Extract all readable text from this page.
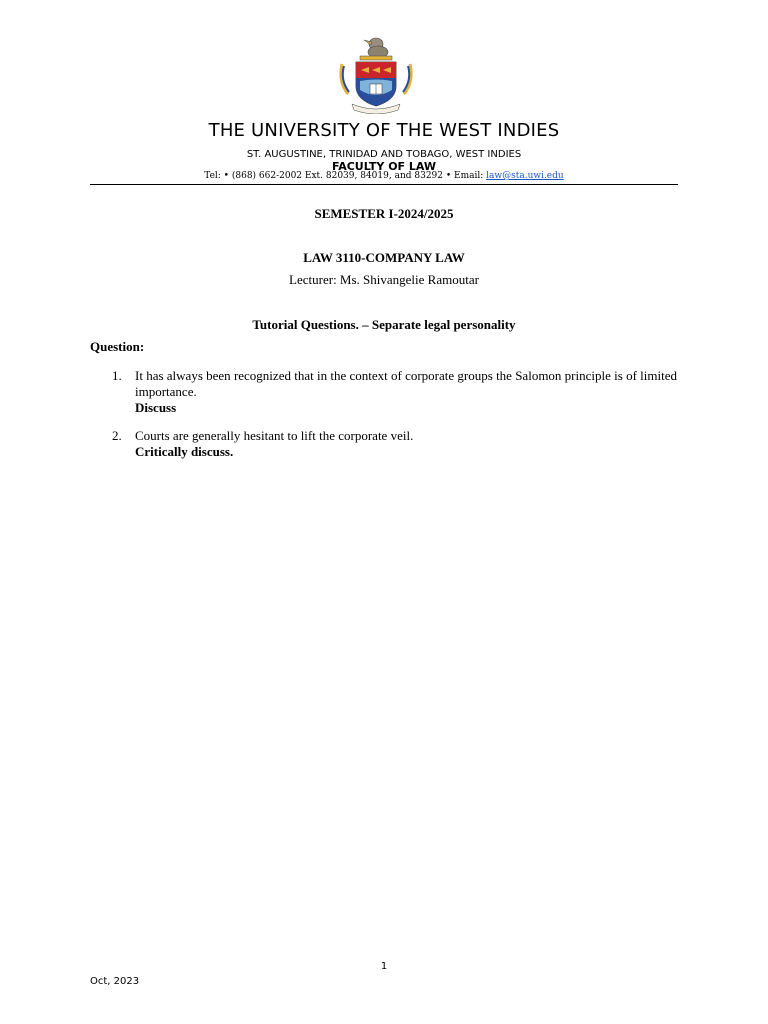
THE UNIVERSITY OF THE WEST INDIES
ST. AUGUSTINE, TRINIDAD AND TOBAGO, WEST INDIES
FACULTY OF LAW
Tel: • (868) 662-2002 Ext. 82039, 84019, and 83292 • Email: law@sta.uwi.edu
SEMESTER I-2024/2025
LAW 3110-COMPANY LAW
Lecturer: Ms. Shivangelie Ramoutar
Tutorial Questions. – Separate legal personality
Question:
1. It has always been recognized that in the context of corporate groups the Salomon principle is of limited importance.
Discuss
2. Courts are generally hesitant to lift the corporate veil.
Critically discuss.
1
Oct, 2023
